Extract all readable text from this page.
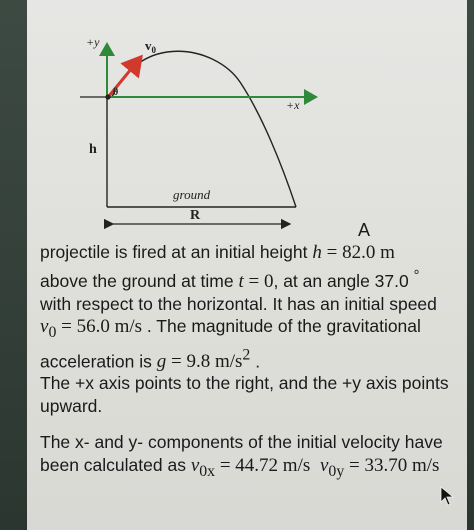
+y
+x
$v_0$
θ
h
ground
R
A

projectile is fired at an initial height h = 82.0 m
above the ground at time t = 0, at an angle 37.0 °
with respect to the horizontal. It has an initial speed
$v_0 = 56.0$ m/s . The magnitude of the gravitational
acceleration is g = 9.8 $m/s^2$ .

The +x axis points to the right, and the +y axis points upward.

The x- and y- components of the initial velocity have been calculated as $v_{0x} = 44.72$ m/s $v_{0y} = 33.70$ m/s
